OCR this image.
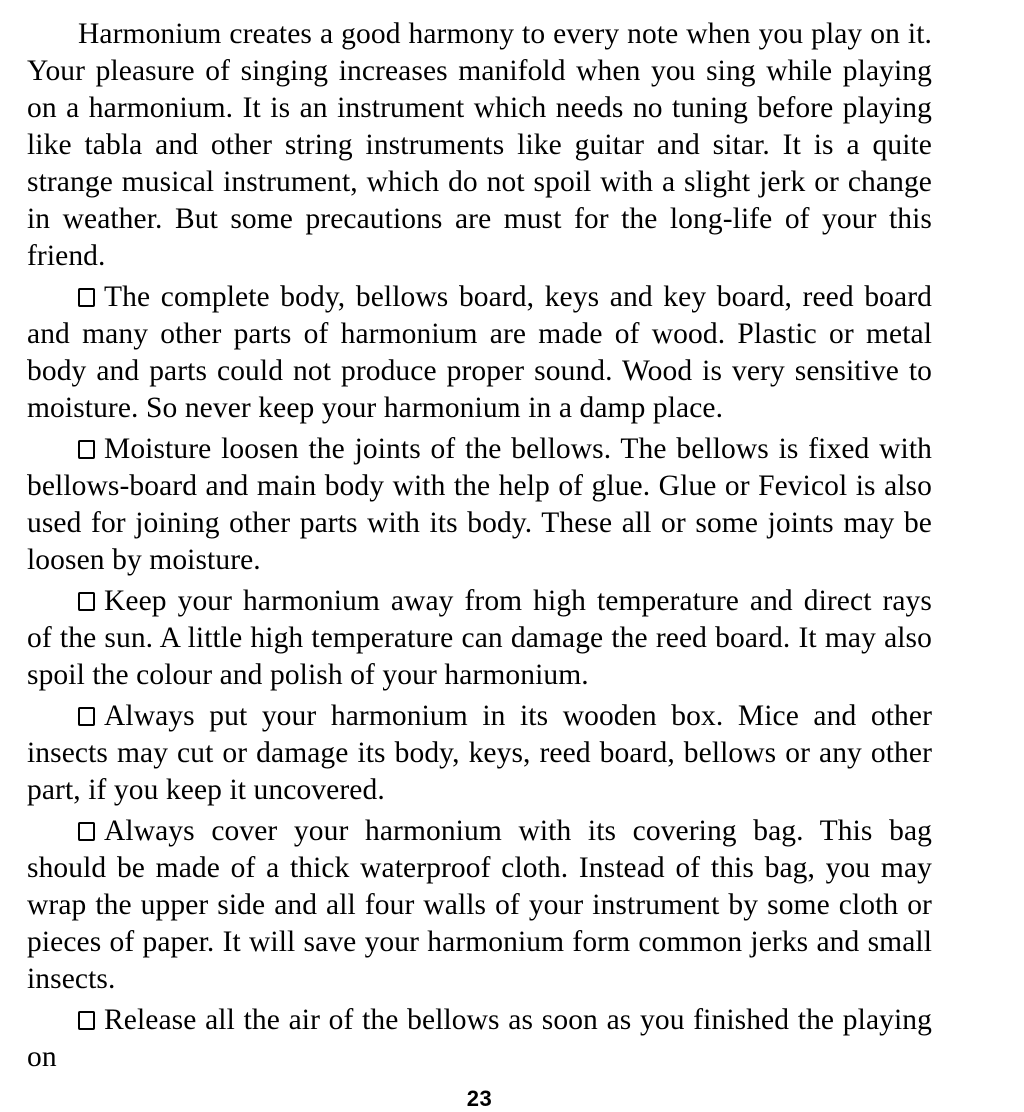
Harmonium creates a good harmony to every note when you play on it. Your pleasure of singing increases manifold when you sing while playing on a harmonium. It is an instrument which needs no tuning before playing like tabla and other string instruments like guitar and sitar. It is a quite strange musical instrument, which do not spoil with a slight jerk or change in weather. But some precautions are must for the long-life of your this friend.

The complete body, bellows board, keys and key board, reed board and many other parts of harmonium are made of wood. Plastic or metal body and parts could not produce proper sound. Wood is very sensitive to moisture. So never keep your harmonium in a damp place.

Moisture loosen the joints of the bellows. The bellows is fixed with bellows-board and main body with the help of glue. Glue or Fevicol is also used for joining other parts with its body. These all or some joints may be loosen by moisture.

Keep your harmonium away from high temperature and direct rays of the sun. A little high temperature can damage the reed board. It may also spoil the colour and polish of your harmonium.

Always put your harmonium in its wooden box. Mice and other insects may cut or damage its body, keys, reed board, bellows or any other part, if you keep it uncovered.

Always cover your harmonium with its covering bag. This bag should be made of a thick waterproof cloth. Instead of this bag, you may wrap the upper side and all four walls of your instrument by some cloth or pieces of paper. It will save your harmonium form common jerks and small insects.

Release all the air of the bellows as soon as you finished the playing on

23
